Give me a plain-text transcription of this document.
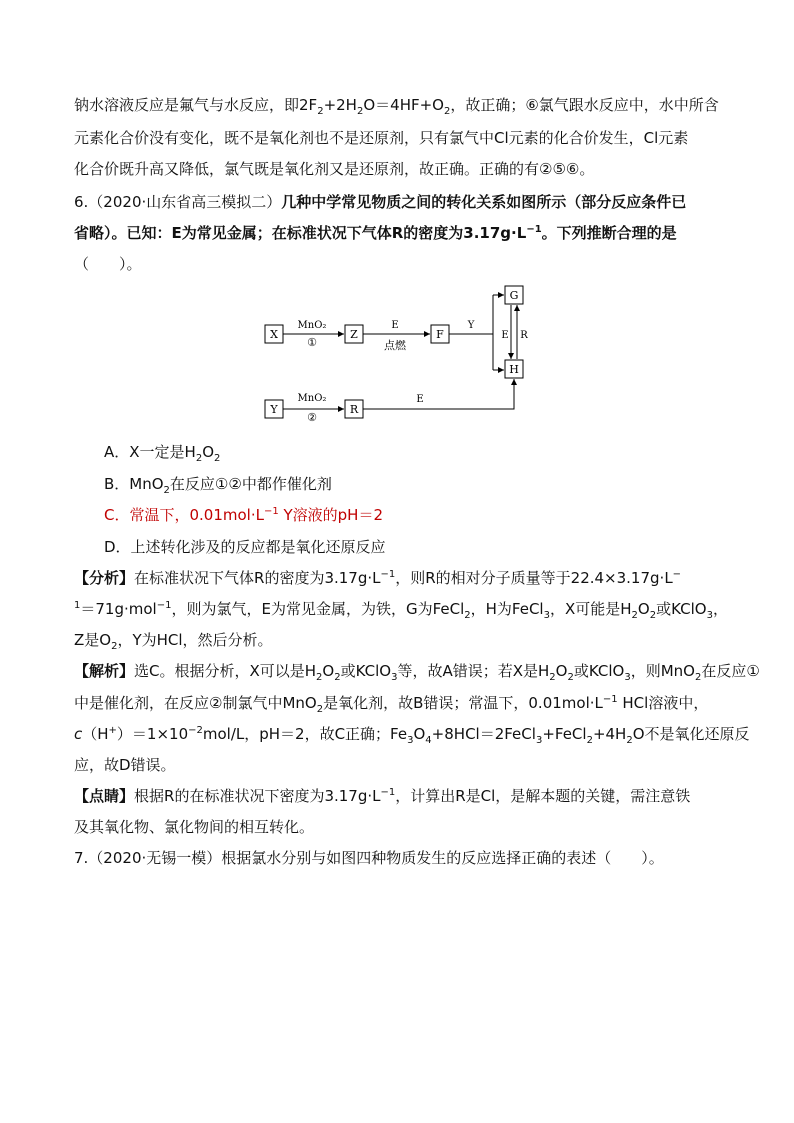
钠水溶液反应是氟气与水反应，即$2F_2+2H_2O=4HF+O_2$，故正确；⑥氯气跟水反应中，水中所含
元素化合价没有变化，既不是氧化剂也不是还原剂，只有氯气中Cl元素的化合价发生，Cl元素
化合价既升高又降低，氯气既是氧化剂又是还原剂，故正确。正确的有②⑤⑥。
6.（2020·山东省高三模拟二）几种中学常见物质之间的转化关系如图所示（部分反应条件已
省略）。已知：E为常见金属；在标准状况下气体R的密度为$3.17g\cdot L^{-1}$。下列推断合理的是
（　　）。
X	Z	F
G
H
Y	R
MnO₂
①
E
点燃
Y
E R
MnO₂
②
E
A．X一定是$H_2O_2$
B．MnO$_2$在反应①②中都作催化剂
C．常温下，$0.01mol\cdot L^{-1}$ Y溶液的pH＝2
D．上述转化涉及的反应都是氧化还原反应
【分析】在标准状况下气体R的密度为$3.17g\cdot L^{-1}$，则R的相对分子质量等于22.4×3.17g·L−
$^1$＝71g·mol$^{-1}$，则为氯气，E为常见金属，为铁，G为FeCl$_2$，H为FeCl$_3$，X可能是$H_2O_2$或KClO$_3$，
Z是$O_2$，Y为HCl，然后分析。
【解析】选C。根据分析，X可以是$H_2O_2$或KClO$_3$等，故A错误；若X是$H_2O_2$或KClO$_3$，则MnO$_2$在反应①
中是催化剂，在反应②制氯气中MnO$_2$是氧化剂，故B错误；常温下，$0.01mol\cdot L^{-1}$ HCl溶液中，
$c(H^+)=1\times 10^{-2}mol/L$，pH＝2，故C正确；$Fe_3O_4+8HCl=2FeCl_3+FeCl_2+4H_2O$不是氧化还原反
应，故D错误。
【点睛】根据R的在标准状况下密度为$3.17g\cdot L^{-1}$，计算出R是Cl，是解本题的关键，需注意铁
及其氧化物、氯化物间的相互转化。
7.（2020·无锡一模）根据氯水分别与如图四种物质发生的反应选择正确的表述（　　）。
